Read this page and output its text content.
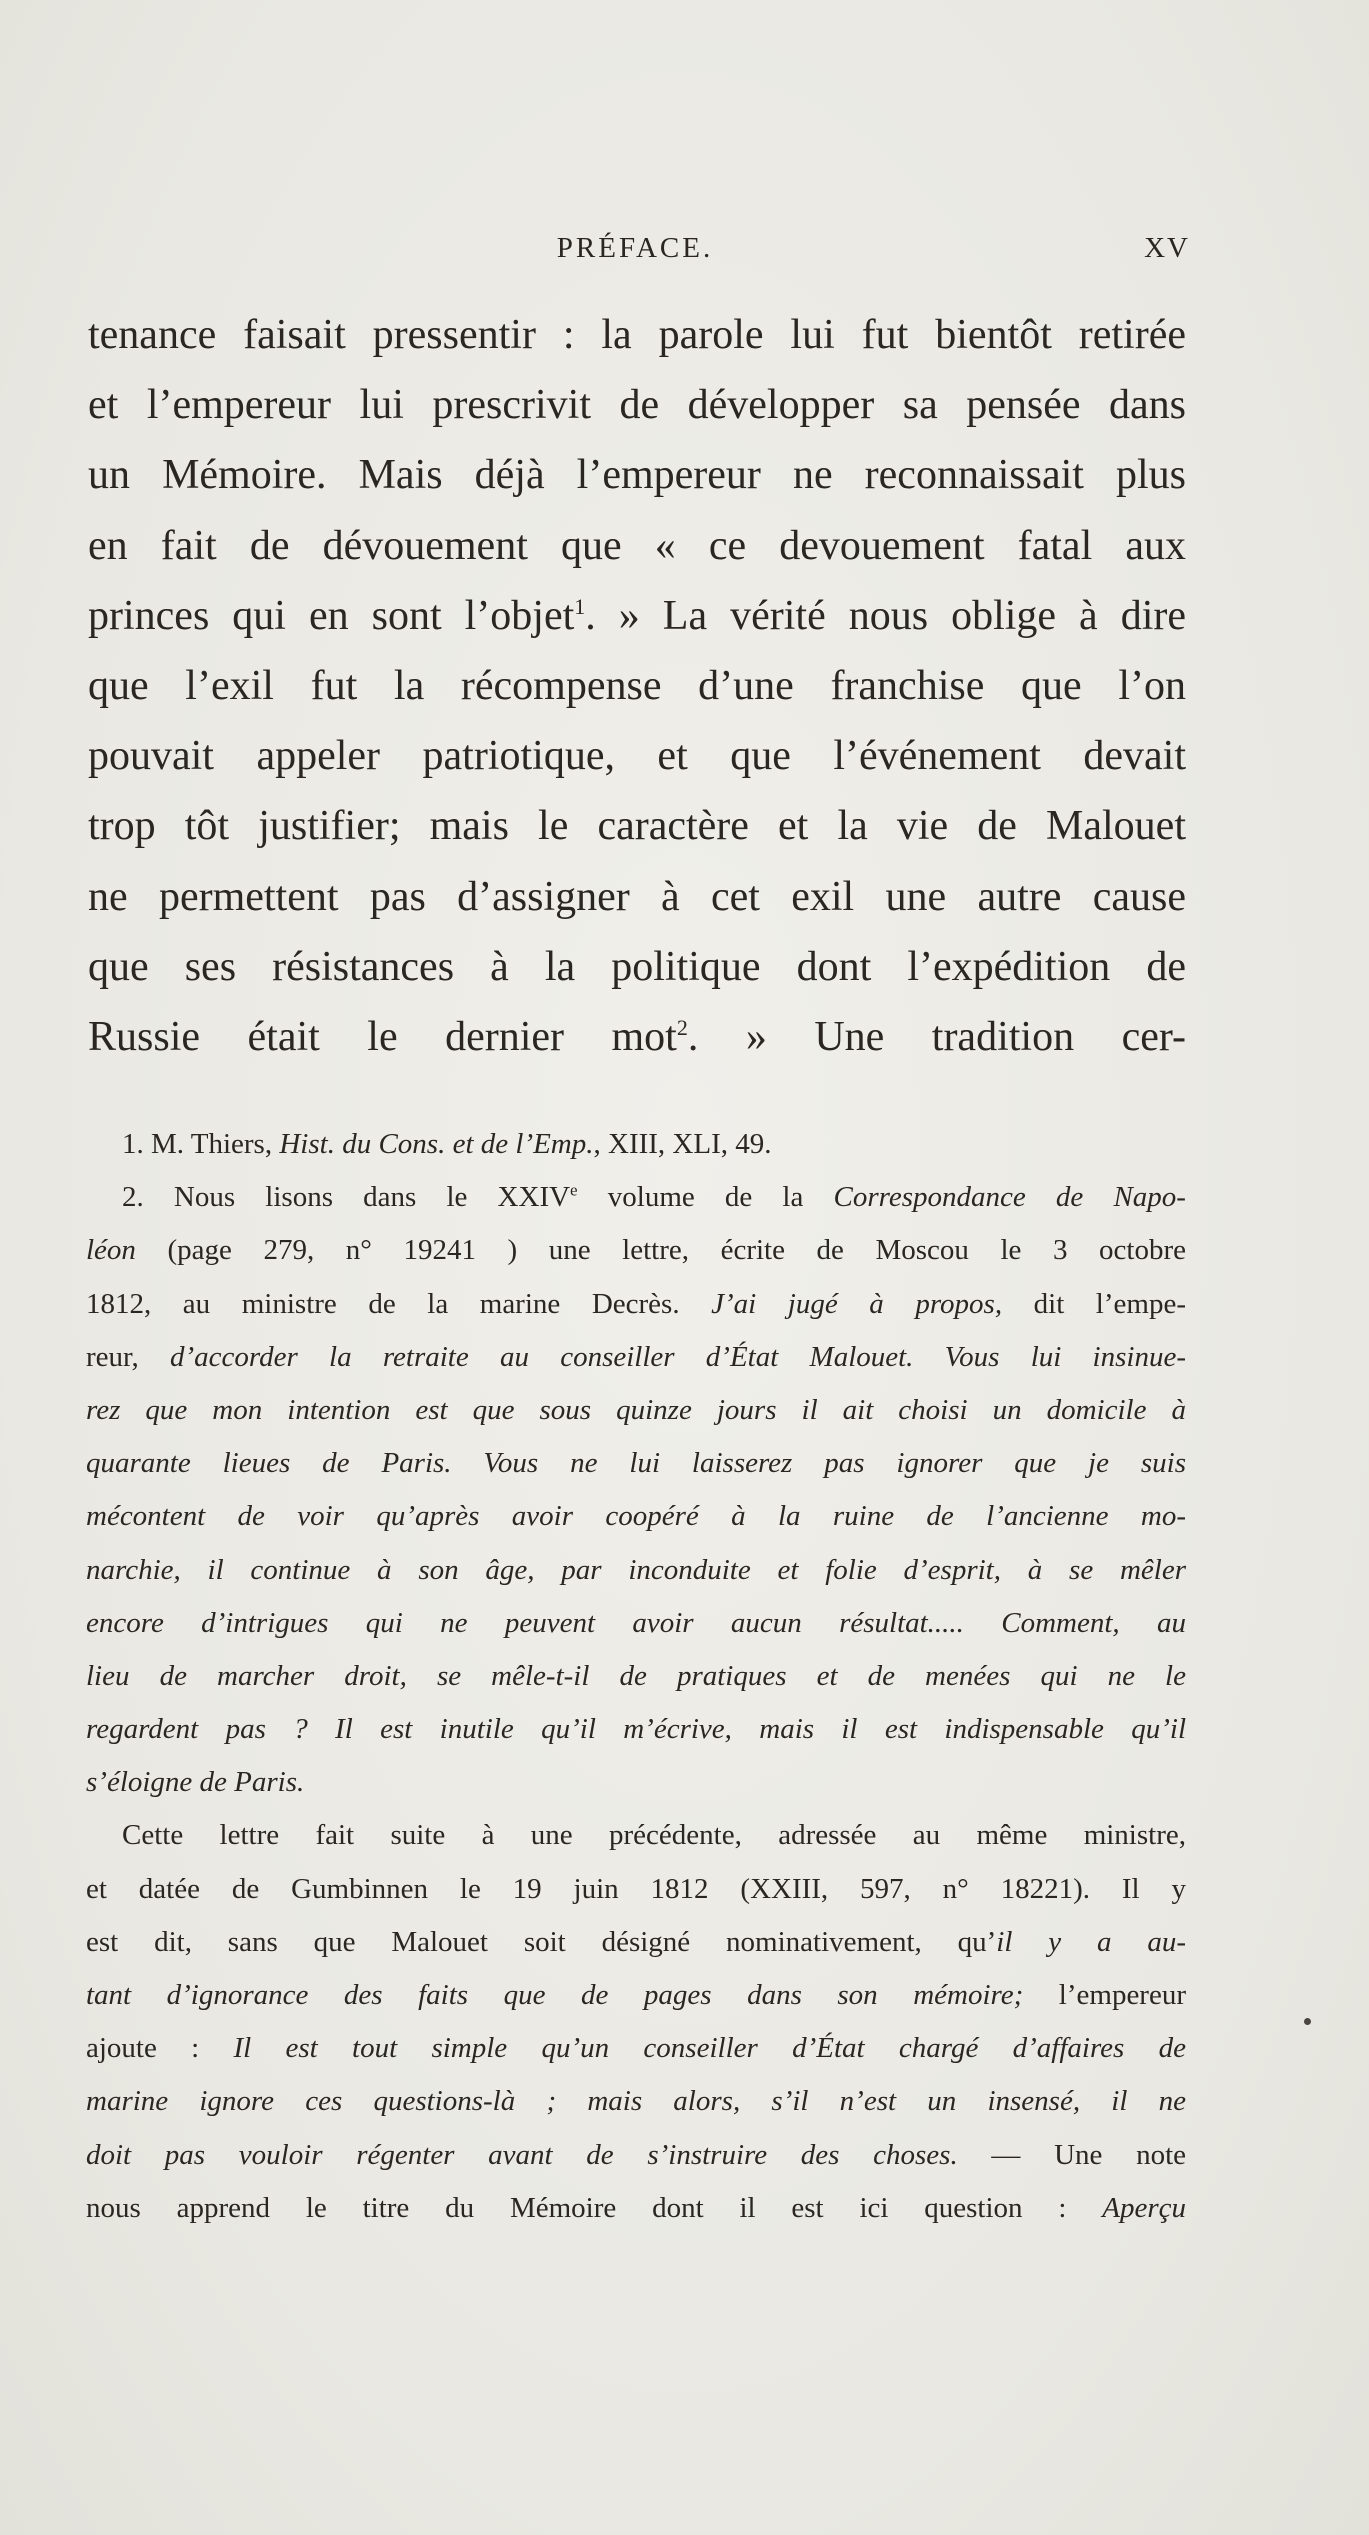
PRÉFACE.	XV
tenance faisait pressentir : la parole lui fut bientôt retirée
et l’empereur lui prescrivit de développer sa pensée dans
un Mémoire. Mais déjà l’empereur ne reconnaissait plus
en fait de dévouement que « ce devouement fatal aux
princes qui en sont l’objet$^1$. » La vérité nous oblige à dire
que l’exil fut la récompense d’une franchise que l’on
pouvait appeler patriotique, et que l’événement devait
trop tôt justifier; mais le caractère et la vie de Malouet
ne permettent pas d’assigner à cet exil une autre cause
que ses résistances à la politique dont l’expédition de
Russie était le dernier mot$^2$. » Une tradition cer-
1. M. Thiers, Hist. du Cons. et de l’Emp., XIII, XLI, 49.
2. Nous lisons dans le XXIVe volume de la Correspondance de Napo-
léon (page 279, n° 19241 ) une lettre, écrite de Moscou le 3 octobre
1812, au ministre de la marine Decrès. J’ai jugé à propos, dit l’empe-
reur, d’accorder la retraite au conseiller d’État Malouet. Vous lui insinue-
rez que mon intention est que sous quinze jours il ait choisi un domicile à
quarante lieues de Paris. Vous ne lui laisserez pas ignorer que je suis
mécontent de voir qu’après avoir coopéré à la ruine de l’ancienne mo-
narchie, il continue à son âge, par inconduite et folie d’esprit, à se mêler
encore d’intrigues qui ne peuvent avoir aucun résultat..... Comment, au
lieu de marcher droit, se mêle-t-il de pratiques et de menées qui ne le
regardent pas ? Il est inutile qu’il m’écrive, mais il est indispensable qu’il
s’éloigne de Paris.
Cette lettre fait suite à une précédente, adressée au même ministre,
et datée de Gumbinnen le 19 juin 1812 (XXIII, 597, n° 18221). Il y
est dit, sans que Malouet soit désigné nominativement, qu’il y a au-
tant d’ignorance des faits que de pages dans son mémoire; l’empereur
ajoute : Il est tout simple qu’un conseiller d’État chargé d’affaires de
marine ignore ces questions-là ; mais alors, s’il n’est un insensé, il ne
doit pas vouloir régenter avant de s’instruire des choses. — Une note
nous apprend le titre du Mémoire dont il est ici question : Aperçu
